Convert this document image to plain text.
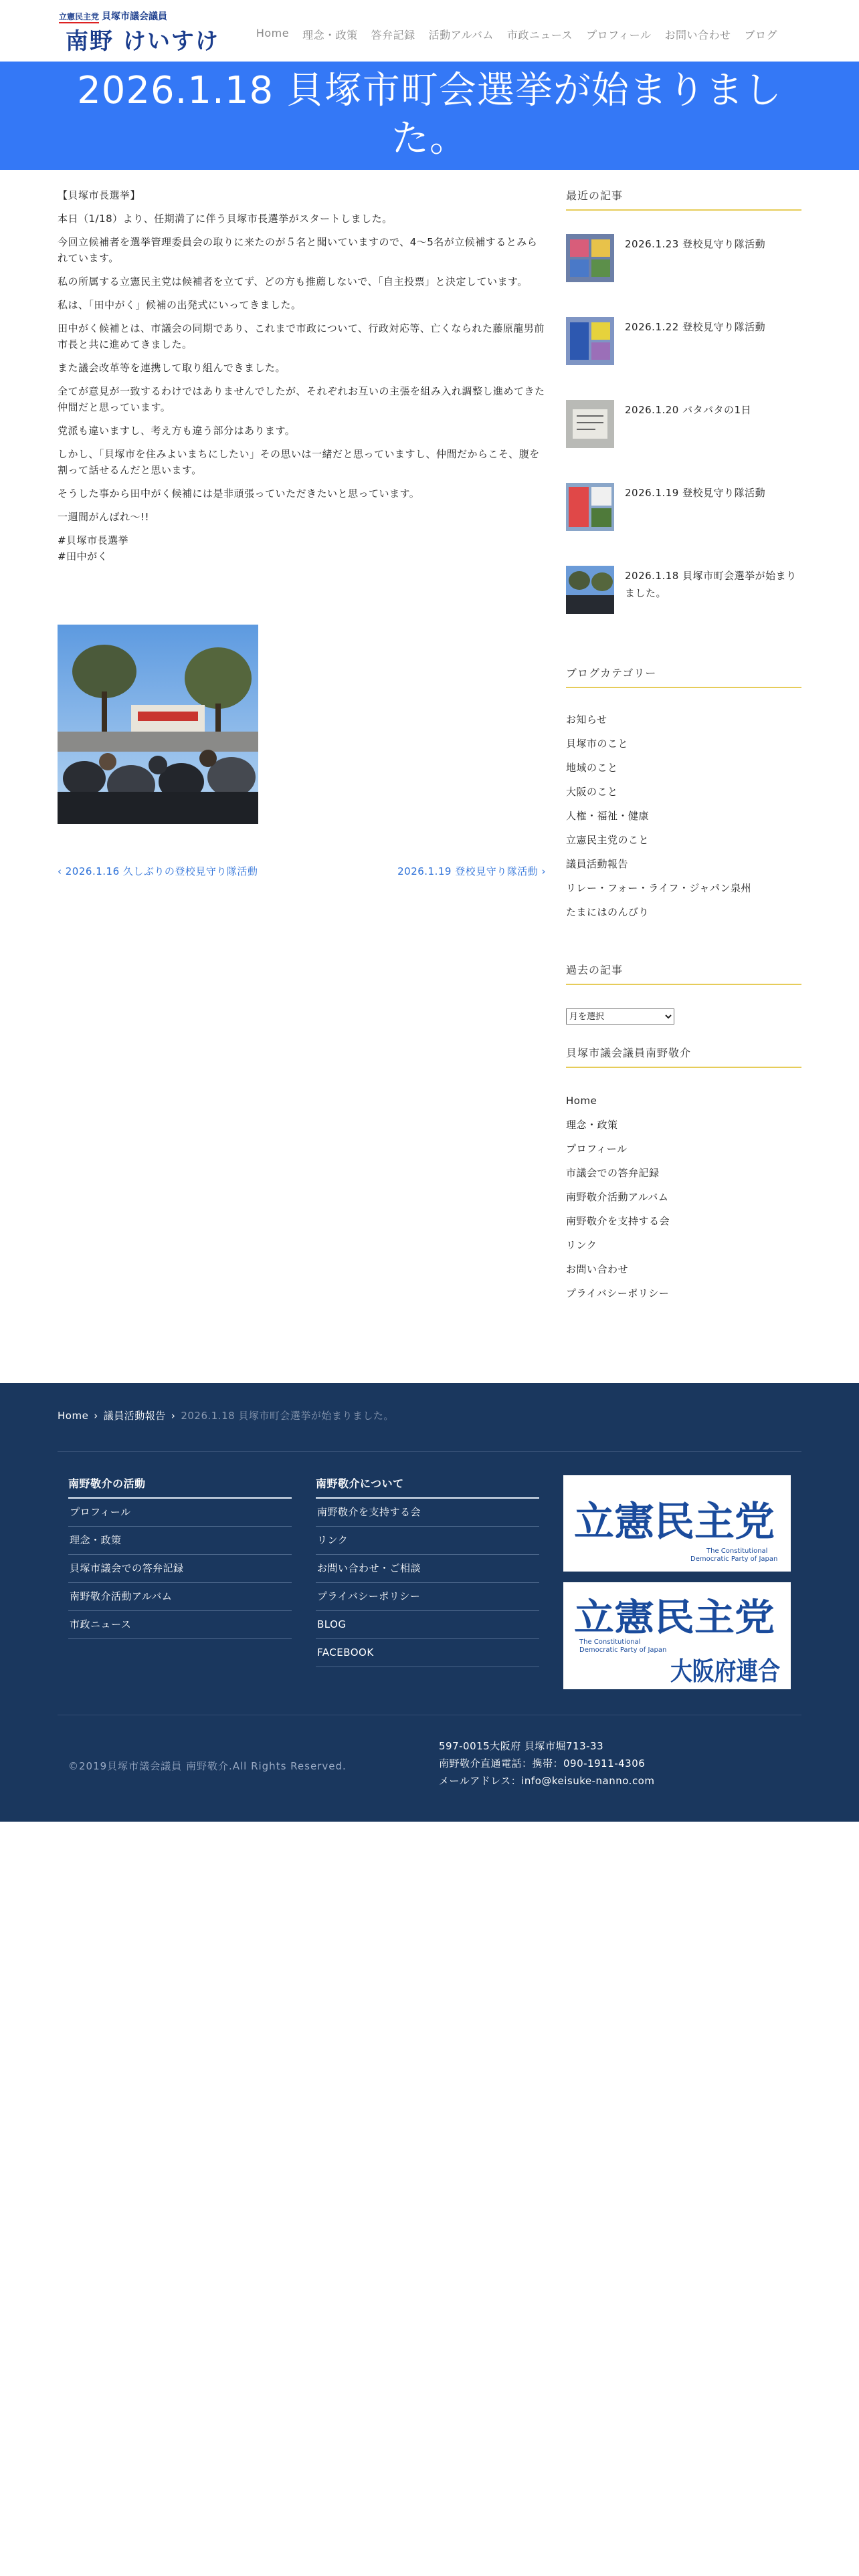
立憲民主党 貝塚市議会議員
南野 けいすけ	Home	理念・政策	答弁記録	活動アルバム	市政ニュース	プロフィール	お問い合わせ	ブログ
2026.1.18 貝塚市町会選挙が始まりました。

【貝塚市長選挙】

本日（1/18）より、任期満了に伴う貝塚市長選挙がスタートしました。

今回立候補者を選挙管理委員会の取りに来たのが５名と聞いていますので、4〜5名が立候補するとみられています。

私の所属する立憲民主党は候補者を立てず、どの方も推薦しないで、「自主投票」と決定しています。

私は、「田中がく」候補の出発式にいってきました。

田中がく候補とは、市議会の同期であり、これまで市政について、行政対応等、亡くなられた藤原龍男前市長と共に進めてきました。

また議会改革等を連携して取り組んできました。

全てが意見が一致するわけではありませんでしたが、それぞれお互いの主張を組み入れ調整し進めてきた仲間だと思っています。

党派も違いますし、考え方も違う部分はあります。

しかし、「貝塚市を住みよいまちにしたい」その思いは一緒だと思っていますし、仲間だからこそ、腹を割って話せるんだと思います。

そうした事から田中がく候補には是非頑張っていただきたいと思っています。

一週間がんばれ〜!!

#貝塚市長選挙

#田中がく

‹ 2026.1.16 久しぶりの登校見守り隊活動	2026.1.19 登校見守り隊活動 ›
最近の記事
2026.1.23 登校見守り隊活動
2026.1.22 登校見守り隊活動
2026.1.20 バタバタの1日
2026.1.19 登校見守り隊活動
2026.1.18 貝塚市町会選挙が始まりました。
ブログカテゴリー
お知らせ
貝塚市のこと
地域のこと
大阪のこと
人権・福祉・健康
立憲民主党のこと
議員活動報告
リレー・フォー・ライフ・ジャパン泉州
たまにはのんびり
過去の記事
月を選択
貝塚市議会議員南野敬介
Home
理念・政策
プロフィール
市議会での答弁記録
南野敬介活動アルバム
南野敬介を支持する会
リンク
お問い合わせ
プライバシーポリシー
Home › 議員活動報告 › 2026.1.18 貝塚市町会選挙が始まりました。
南野敬介の活動
プロフィール
理念・政策
貝塚市議会での答弁記録
南野敬介活動アルバム
市政ニュース
南野敬介について
南野敬介を支持する会
リンク
お問い合わせ・ご相談
プライバシーポリシー
BLOG
FACEBOOK
立憲民主党
The Constitutional
Democratic Party of Japan
立憲民主党
The Constitutional
Democratic Party of Japan
大阪府連合
©2019貝塚市議会議員 南野敬介.All Rights Reserved.
597-0015大阪府 貝塚市堀713-33
南野敬介直通電話：携帯：090-1911-4306
メールアドレス：info@keisuke-nanno.com
